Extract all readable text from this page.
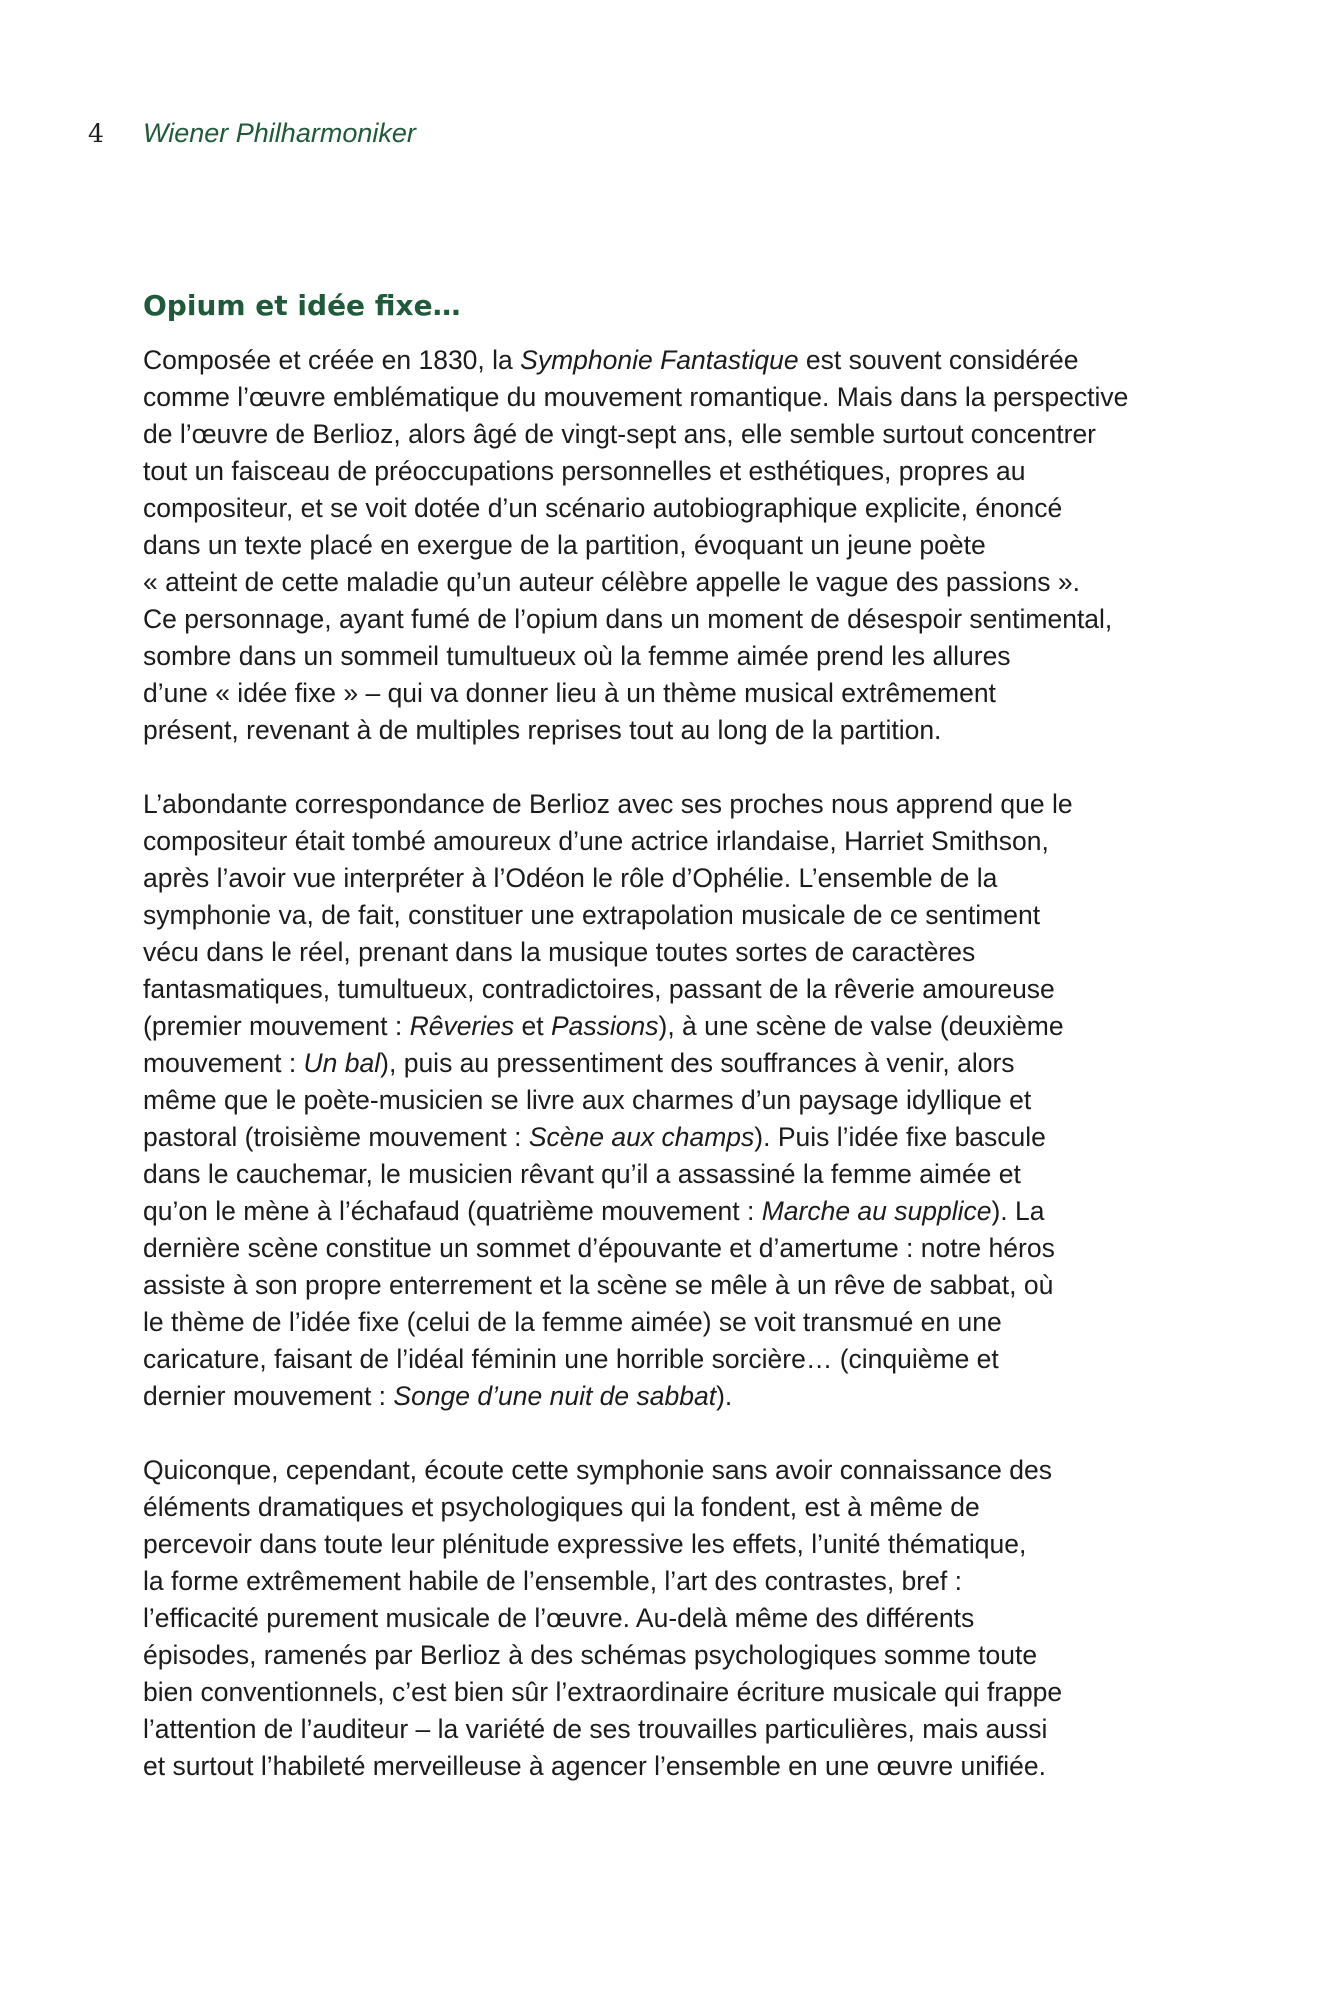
4	Wiener Philharmoniker
Opium et idée fixe…

Composée et créée en 1830, la Symphonie Fantastique est souvent considérée
comme l’œuvre emblématique du mouvement romantique. Mais dans la perspective
de l’œuvre de Berlioz, alors âgé de vingt-sept ans, elle semble surtout concentrer
tout un faisceau de préoccupations personnelles et esthétiques, propres au
compositeur, et se voit dotée d’un scénario autobiographique explicite, énoncé
dans un texte placé en exergue de la partition, évoquant un jeune poète
« atteint de cette maladie qu’un auteur célèbre appelle le vague des passions ».
Ce personnage, ayant fumé de l’opium dans un moment de désespoir sentimental,
sombre dans un sommeil tumultueux où la femme aimée prend les allures
d’une « idée fixe » – qui va donner lieu à un thème musical extrêmement
présent, revenant à de multiples reprises tout au long de la partition.

L’abondante correspondance de Berlioz avec ses proches nous apprend que le
compositeur était tombé amoureux d’une actrice irlandaise, Harriet Smithson,
après l’avoir vue interpréter à l’Odéon le rôle d’Ophélie. L’ensemble de la
symphonie va, de fait, constituer une extrapolation musicale de ce sentiment
vécu dans le réel, prenant dans la musique toutes sortes de caractères
fantasmatiques, tumultueux, contradictoires, passant de la rêverie amoureuse
(premier mouvement : Rêveries et Passions), à une scène de valse (deuxième
mouvement : Un bal), puis au pressentiment des souffrances à venir, alors
même que le poète-musicien se livre aux charmes d’un paysage idyllique et
pastoral (troisième mouvement : Scène aux champs). Puis l’idée fixe bascule
dans le cauchemar, le musicien rêvant qu’il a assassiné la femme aimée et
qu’on le mène à l’échafaud (quatrième mouvement : Marche au supplice). La
dernière scène constitue un sommet d’épouvante et d’amertume : notre héros
assiste à son propre enterrement et la scène se mêle à un rêve de sabbat, où
le thème de l’idée fixe (celui de la femme aimée) se voit transmué en une
caricature, faisant de l’idéal féminin une horrible sorcière… (cinquième et
dernier mouvement : Songe d’une nuit de sabbat).

Quiconque, cependant, écoute cette symphonie sans avoir connaissance des
éléments dramatiques et psychologiques qui la fondent, est à même de
percevoir dans toute leur plénitude expressive les effets, l’unité thématique,
la forme extrêmement habile de l’ensemble, l’art des contrastes, bref :
l’efficacité purement musicale de l’œuvre. Au-delà même des différents
épisodes, ramenés par Berlioz à des schémas psychologiques somme toute
bien conventionnels, c’est bien sûr l’extraordinaire écriture musicale qui frappe
l’attention de l’auditeur – la variété de ses trouvailles particulières, mais aussi
et surtout l’habileté merveilleuse à agencer l’ensemble en une œuvre unifiée.
